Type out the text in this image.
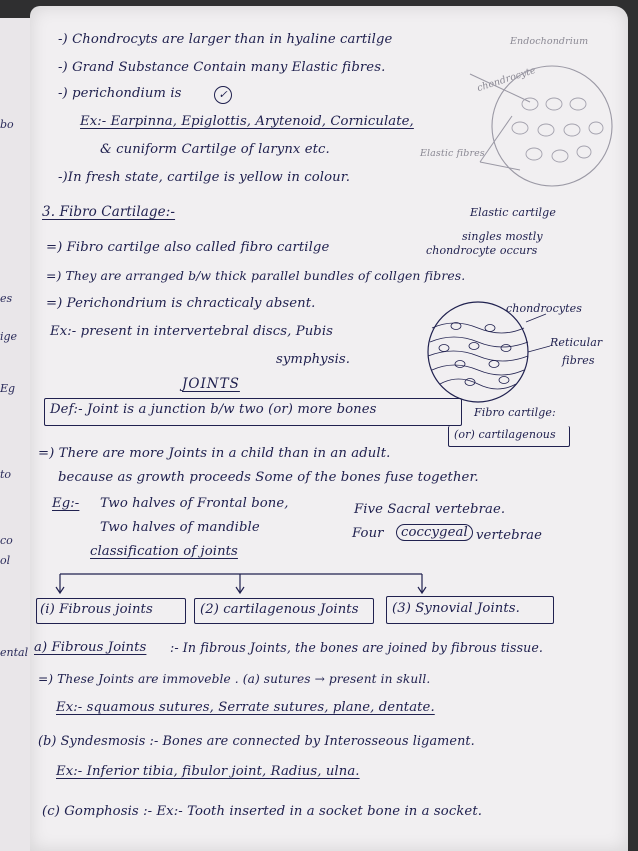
bo
es
ige
Eg
to
co
ol
ental
-) Chondrocyts are larger than in hyaline cartilge
-) Grand Substance Contain many Elastic fibres.
-) perichondium is	✓
Ex:- Earpinna, Epiglottis, Arytenoid, Corniculate,
& cuniform Cartilge of larynx etc.
-)In fresh state, cartilge is yellow in colour.
Endochondrium
chondrocyte
Elastic fibres
3. Fibro Cartilage:-	Elastic cartilge
singles mostly
=) Fibro cartilge also called fibro cartilge	chondrocyte occurs
=) They are arranged b/w thick parallel bundles of collgen fibres.
=) Perichondrium is chracticaly absent.	chondrocytes
Ex:- present in intervertebral discs, Pubis
symphysis.
Reticular
fibres
JOINTS
Def:- Joint is a junction b/w two (or) more bones	Fibro cartilge:
(or) cartilagenous
=) There are more Joints in a child than in an adult.
because as growth proceeds Some of the bones fuse together.
Eg:- Two halves of Frontal bone,	Five Sacral vertebrae.
Two halves of mandible	Four	coccygeal vertebrae
classification of joints
(i) Fibrous joints	(2) cartilagenous Joints	(3) Synovial Joints.
a) Fibrous Joints :- In fibrous Joints, the bones are joined by fibrous tissue.
=) These Joints are immoveble . (a) sutures → present in skull.
Ex:- squamous sutures, Serrate sutures, plane, dentate.
(b) Syndesmosis :- Bones are connected by Interosseous ligament.
Ex:- Inferior tibia, fibulor joint, Radius, ulna.
(c) Gomphosis :- Ex:- Tooth inserted in a socket bone in a socket.
